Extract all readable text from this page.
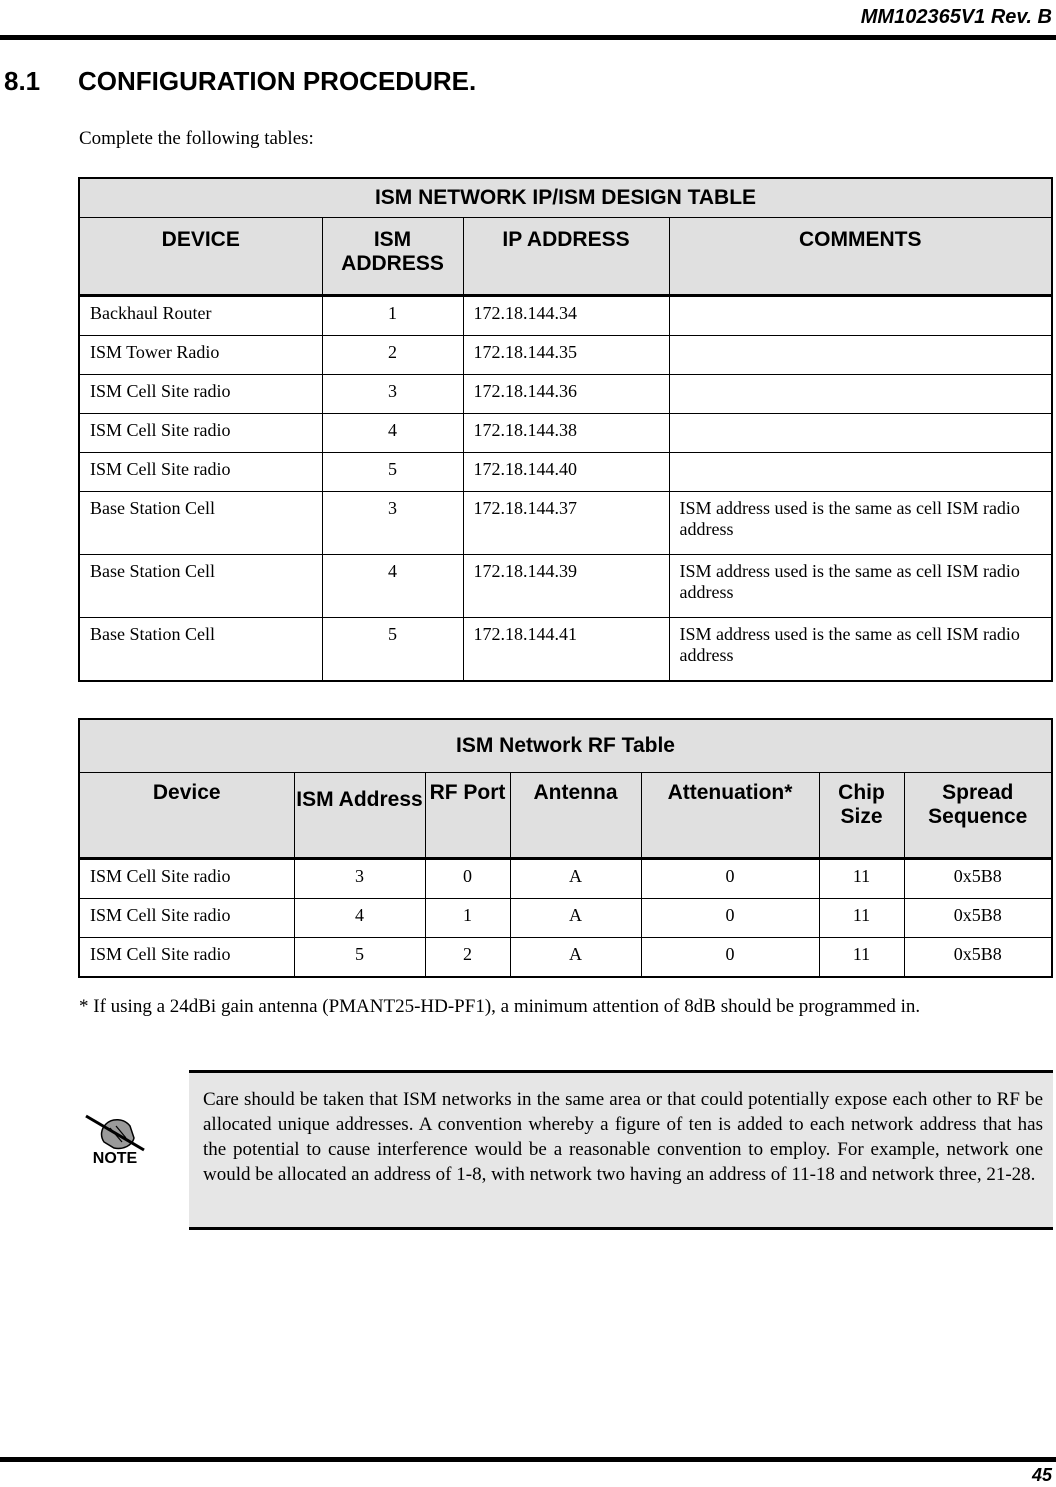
MM102365V1 Rev. B
8.1 CONFIGURATION PROCEDURE.
Complete the following tables:
ISM NETWORK IP/ISM DESIGN TABLE			
DEVICE	ISM ADDRESS	IP ADDRESS	COMMENTS
Backhaul Router	1	172.18.144.34	
ISM Tower Radio	2	172.18.144.35	
ISM Cell Site radio	3	172.18.144.36	
ISM Cell Site radio	4	172.18.144.38	
ISM Cell Site radio	5	172.18.144.40	
Base Station Cell	3	172.18.144.37	ISM address used is the same as cell ISM radio address
Base Station Cell	4	172.18.144.39	ISM address used is the same as cell ISM radio address
Base Station Cell	5	172.18.144.41	ISM address used is the same as cell ISM radio address
ISM Network RF Table						
Device	ISM Address	RF Port	Antenna	Attenuation*	Chip Size	Spread Sequence
ISM Cell Site radio	3	0	A	0	11	0x5B8
ISM Cell Site radio	4	1	A	0	11	0x5B8
ISM Cell Site radio	5	2	A	0	11	0x5B8
* If using a 24dBi gain antenna (PMANT25-HD-PF1), a minimum attention of 8dB should be programmed in.
NOTE
Care should be taken that ISM networks in the same area or that could potentially expose each other to RF be allocated unique addresses. A convention whereby a figure of ten is added to each network address that has the potential to cause interference would be a reasonable convention to employ. For example, network one would be allocated an address of 1-8, with network two having an address of 11-18 and network three, 21-28.
45
